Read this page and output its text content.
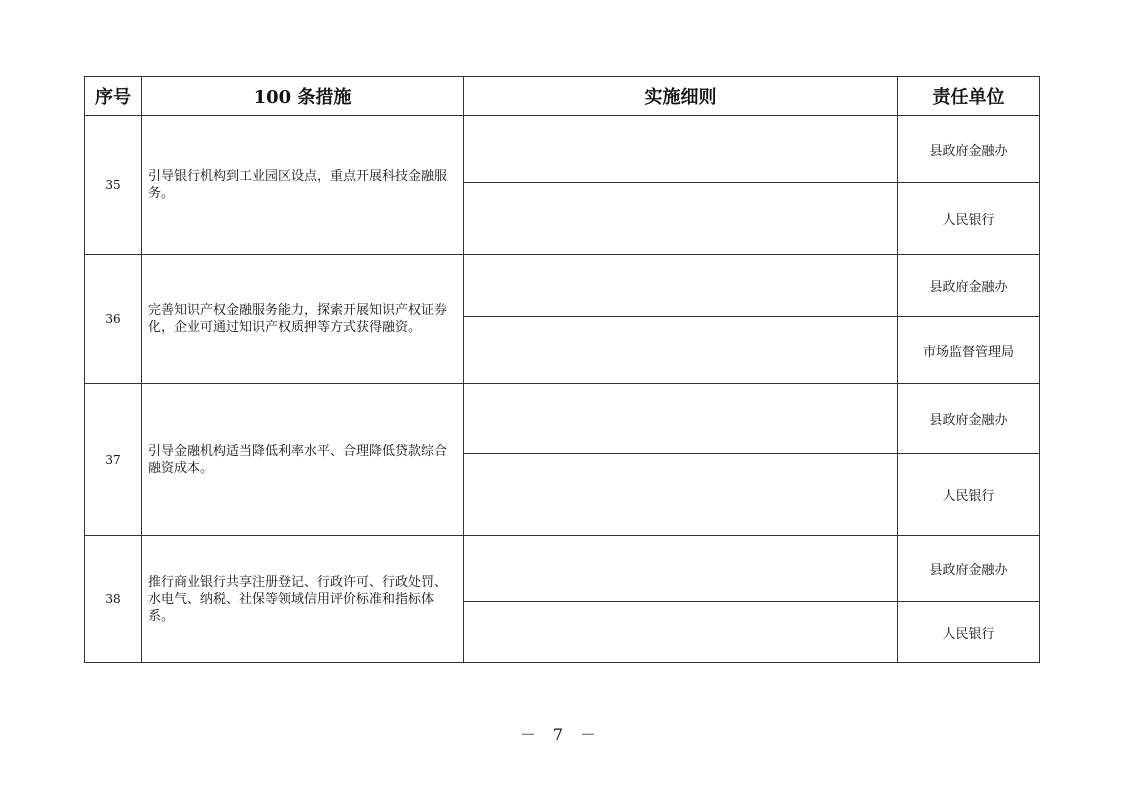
序号	100 条措施	实施细则	责任单位
35	引导银行机构到工业园区设点，重点开展科技金融服务。		县政府金融办
			人民银行
36	完善知识产权金融服务能力，探索开展知识产权证券化，企业可通过知识产权质押等方式获得融资。		县政府金融办
			市场监督管理局
37	引导金融机构适当降低利率水平、合理降低贷款综合融资成本。		县政府金融办
			人民银行
38	推行商业银行共享注册登记、行政许可、行政处罚、水电气、纳税、社保等领域信用评价标准和指标体系。		县政府金融办
			人民银行
－ 7 －
